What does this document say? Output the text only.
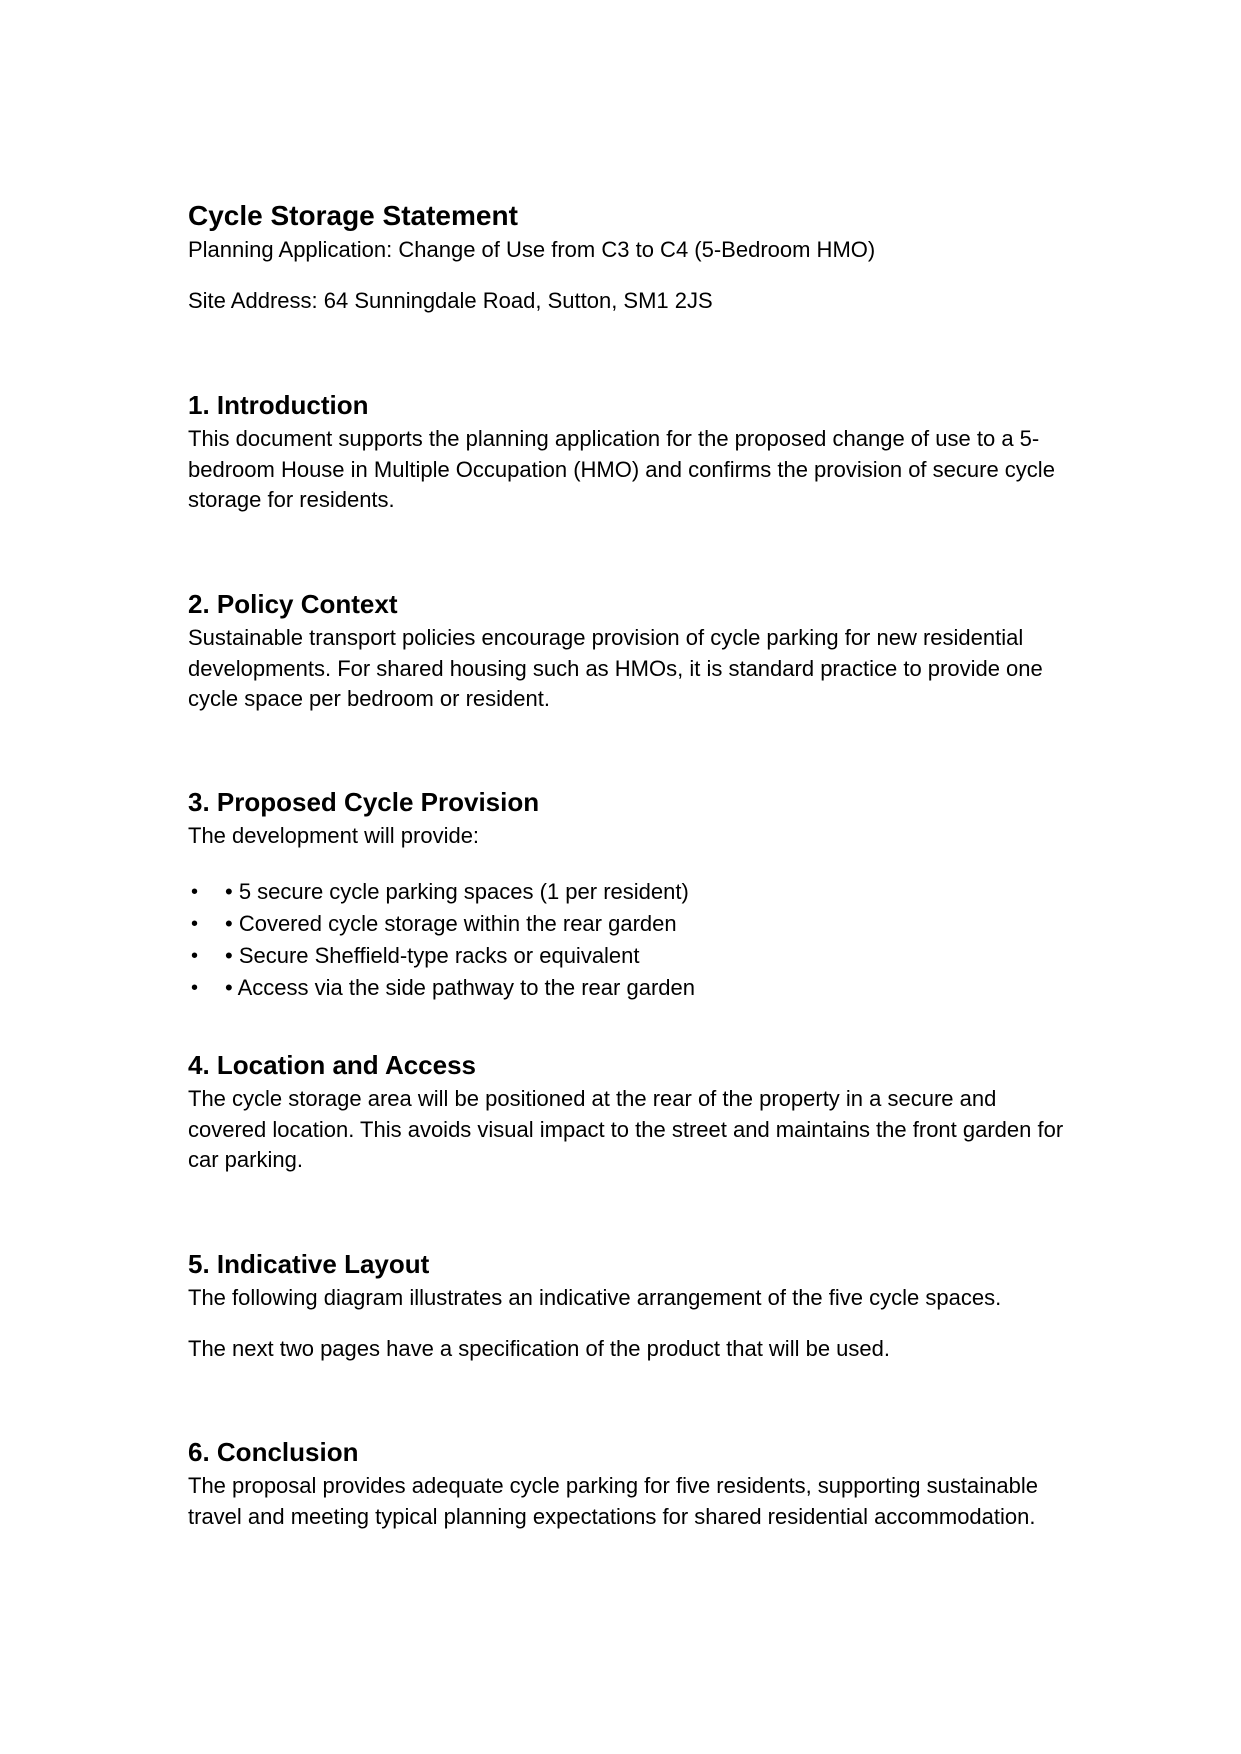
Cycle Storage Statement

Planning Application: Change of Use from C3 to C4 (5-Bedroom HMO)

Site Address: 64 Sunningdale Road, Sutton, SM1 2JS

1. Introduction

This document supports the planning application for the proposed change of use to a 5-bedroom House in Multiple Occupation (HMO) and confirms the provision of secure cycle storage for residents.

2. Policy Context

Sustainable transport policies encourage provision of cycle parking for new residential developments. For shared housing such as HMOs, it is standard practice to provide one cycle space per bedroom or resident.

3. Proposed Cycle Provision

The development will provide:

• • 5 secure cycle parking spaces (1 per resident)
• • Covered cycle storage within the rear garden
• • Secure Sheffield-type racks or equivalent
• • Access via the side pathway to the rear garden
4. Location and Access

The cycle storage area will be positioned at the rear of the property in a secure and covered location. This avoids visual impact to the street and maintains the front garden for car parking.

5. Indicative Layout

The following diagram illustrates an indicative arrangement of the five cycle spaces.

The next two pages have a specification of the product that will be used.

6. Conclusion

The proposal provides adequate cycle parking for five residents, supporting sustainable travel and meeting typical planning expectations for shared residential accommodation.
